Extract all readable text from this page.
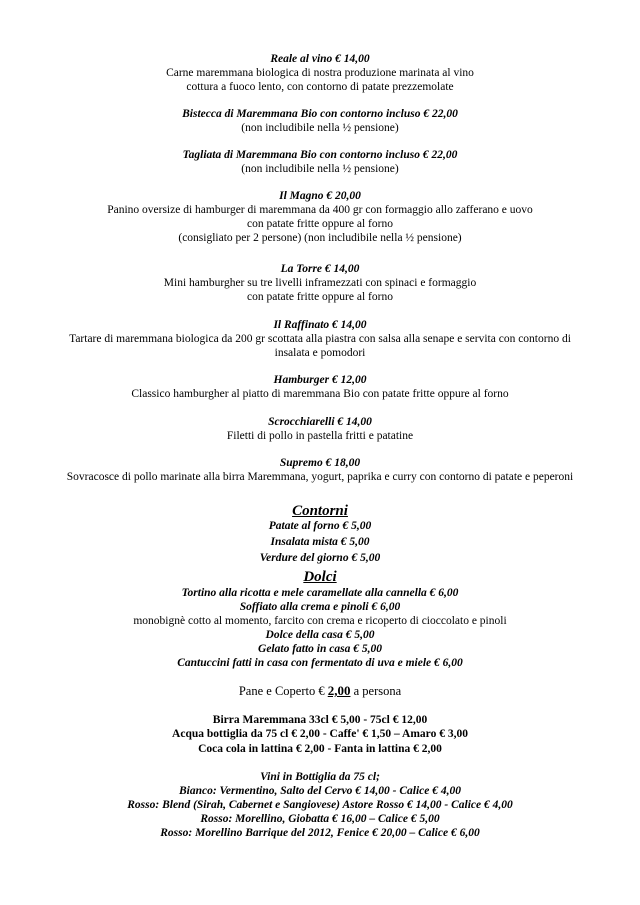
Reale al vino € 14,00
Carne maremmana biologica di nostra produzione marinata al vino
cottura a fuoco lento, con contorno di patate prezzemolate
Bistecca di Maremmana Bio con contorno incluso € 22,00
(non includibile nella ½ pensione)
Tagliata di Maremmana Bio con contorno incluso € 22,00
(non includibile nella ½ pensione)
Il Magno € 20,00
Panino oversize di hamburger di maremmana da 400 gr con formaggio allo zafferano e uovo
con patate fritte oppure al forno
(consigliato per 2 persone) (non includibile nella ½ pensione)
La Torre € 14,00
Mini hamburgher su tre livelli inframezzati con spinaci e formaggio
con patate fritte oppure al forno
Il Raffinato € 14,00
Tartare di maremmana biologica da 200 gr scottata alla piastra con salsa alla senape e servita con contorno di
insalata e pomodori
Hamburger € 12,00
Classico hamburgher al piatto di maremmana Bio con patate fritte oppure al forno
Scrocchiarelli € 14,00
Filetti di pollo in pastella fritti e patatine
Supremo € 18,00
Sovracosce di pollo marinate alla birra Maremmana, yogurt, paprika e curry con contorno di patate e peperoni
Contorni
Patate al forno € 5,00
Insalata mista € 5,00
Verdure del giorno € 5,00
Dolci
Tortino alla ricotta e mele caramellate alla cannella € 6,00
Soffiato alla crema e pinoli € 6,00
monobignè cotto al momento, farcito con crema e ricoperto di cioccolato e pinoli
Dolce della casa € 5,00
Gelato fatto in casa € 5,00
Cantuccini fatti in casa con fermentato di uva e miele € 6,00
Pane e Coperto € 2,00 a persona
Birra Maremmana 33cl € 5,00 - 75cl € 12,00
Acqua bottiglia da 75 cl € 2,00 - Caffe' € 1,50 – Amaro € 3,00
Coca cola in lattina € 2,00 - Fanta in lattina € 2,00
Vini in Bottiglia da 75 cl;
Bianco: Vermentino, Salto del Cervo € 14,00 - Calice € 4,00
Rosso: Blend (Sirah, Cabernet e Sangiovese) Astore Rosso € 14,00 - Calice € 4,00
Rosso: Morellino, Giobatta € 16,00 – Calice € 5,00
Rosso: Morellino Barrique del 2012, Fenice € 20,00 – Calice € 6,00
